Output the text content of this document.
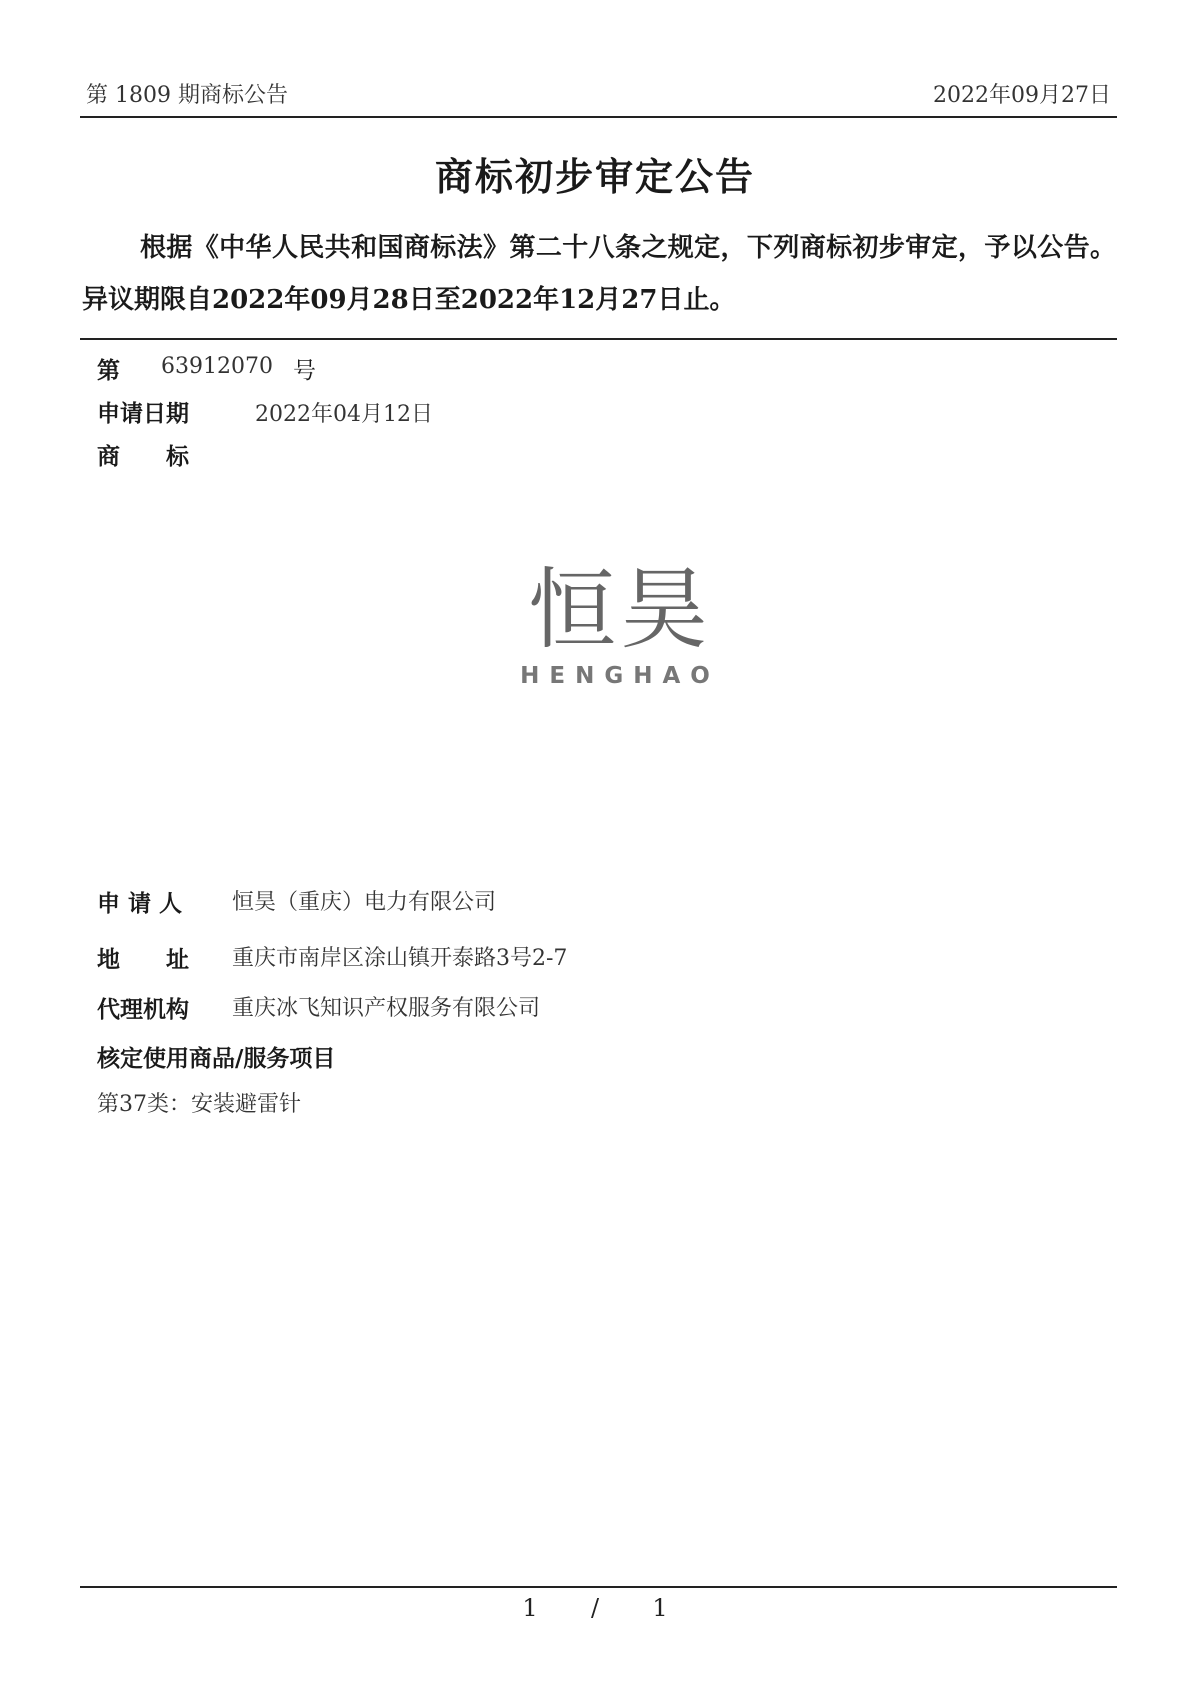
第 1809 期商标公告	2022年09月27日
商标初步审定公告
根据《中华人民共和国商标法》第二十八条之规定，下列商标初步审定，予以公告。异议期限自2022年09月28日至2022年12月27日止。
第 63912070 号
申请日期	2022年04月12日
商　　标
恒昊
HENGHAO
申 请 人 恒昊（重庆）电力有限公司
地　　址 重庆市南岸区涂山镇开泰路3号2-7
代理机构 重庆冰飞知识产权服务有限公司
核定使用商品/服务项目
第37类：安装避雷针
1 / 1
